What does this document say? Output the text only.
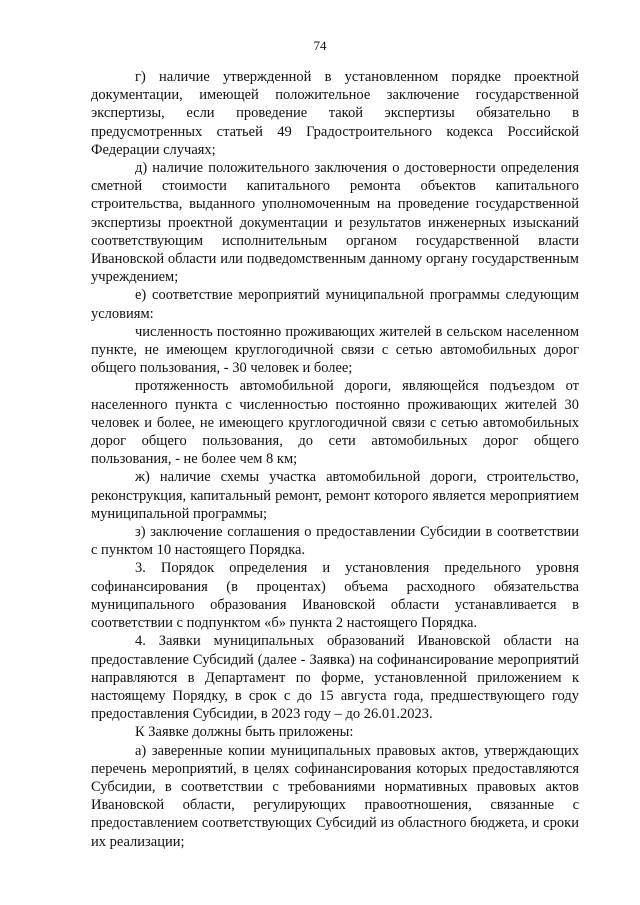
74

г) наличие утвержденной в установленном порядке проектной документации, имеющей положительное заключение государственной экспертизы, если проведение такой экспертизы обязательно в предусмотренных статьей 49 Градостроительного кодекса Российской Федерации случаях;

д) наличие положительного заключения о достоверности определения сметной стоимости капитального ремонта объектов капитального строительства, выданного уполномоченным на проведение государственной экспертизы проектной документации и результатов инженерных изысканий соответствующим исполнительным органом государственной власти Ивановской области или подведомственным данному органу государственным учреждением;

е) соответствие мероприятий муниципальной программы следующим условиям:

численность постоянно проживающих жителей в сельском населенном пункте, не имеющем круглогодичной связи с сетью автомобильных дорог общего пользования, - 30 человек и более;

протяженность автомобильной дороги, являющейся подъездом от населенного пункта с численностью постоянно проживающих жителей 30 человек и более, не имеющего круглогодичной связи с сетью автомобильных дорог общего пользования, до сети автомобильных дорог общего пользования, - не более чем 8 км;

ж) наличие схемы участка автомобильной дороги, строительство, реконструкция, капитальный ремонт, ремонт которого является мероприятием муниципальной программы;

з) заключение соглашения о предоставлении Субсидии в соответствии с пунктом 10 настоящего Порядка.

3. Порядок определения и установления предельного уровня софинансирования (в процентах) объема расходного обязательства муниципального образования Ивановской области устанавливается в соответствии с подпунктом «б» пункта 2 настоящего Порядка.

4. Заявки муниципальных образований Ивановской области на предоставление Субсидий (далее - Заявка) на софинансирование мероприятий направляются в Департамент по форме, установленной приложением к настоящему Порядку, в срок с до 15 августа года, предшествующего году предоставления Субсидии, в 2023 году – до 26.01.2023.

К Заявке должны быть приложены:

а) заверенные копии муниципальных правовых актов, утверждающих перечень мероприятий, в целях софинансирования которых предоставляются Субсидии, в соответствии с требованиями нормативных правовых актов Ивановской области, регулирующих правоотношения, связанные с предоставлением соответствующих Субсидий из областного бюджета, и сроки их реализации;
